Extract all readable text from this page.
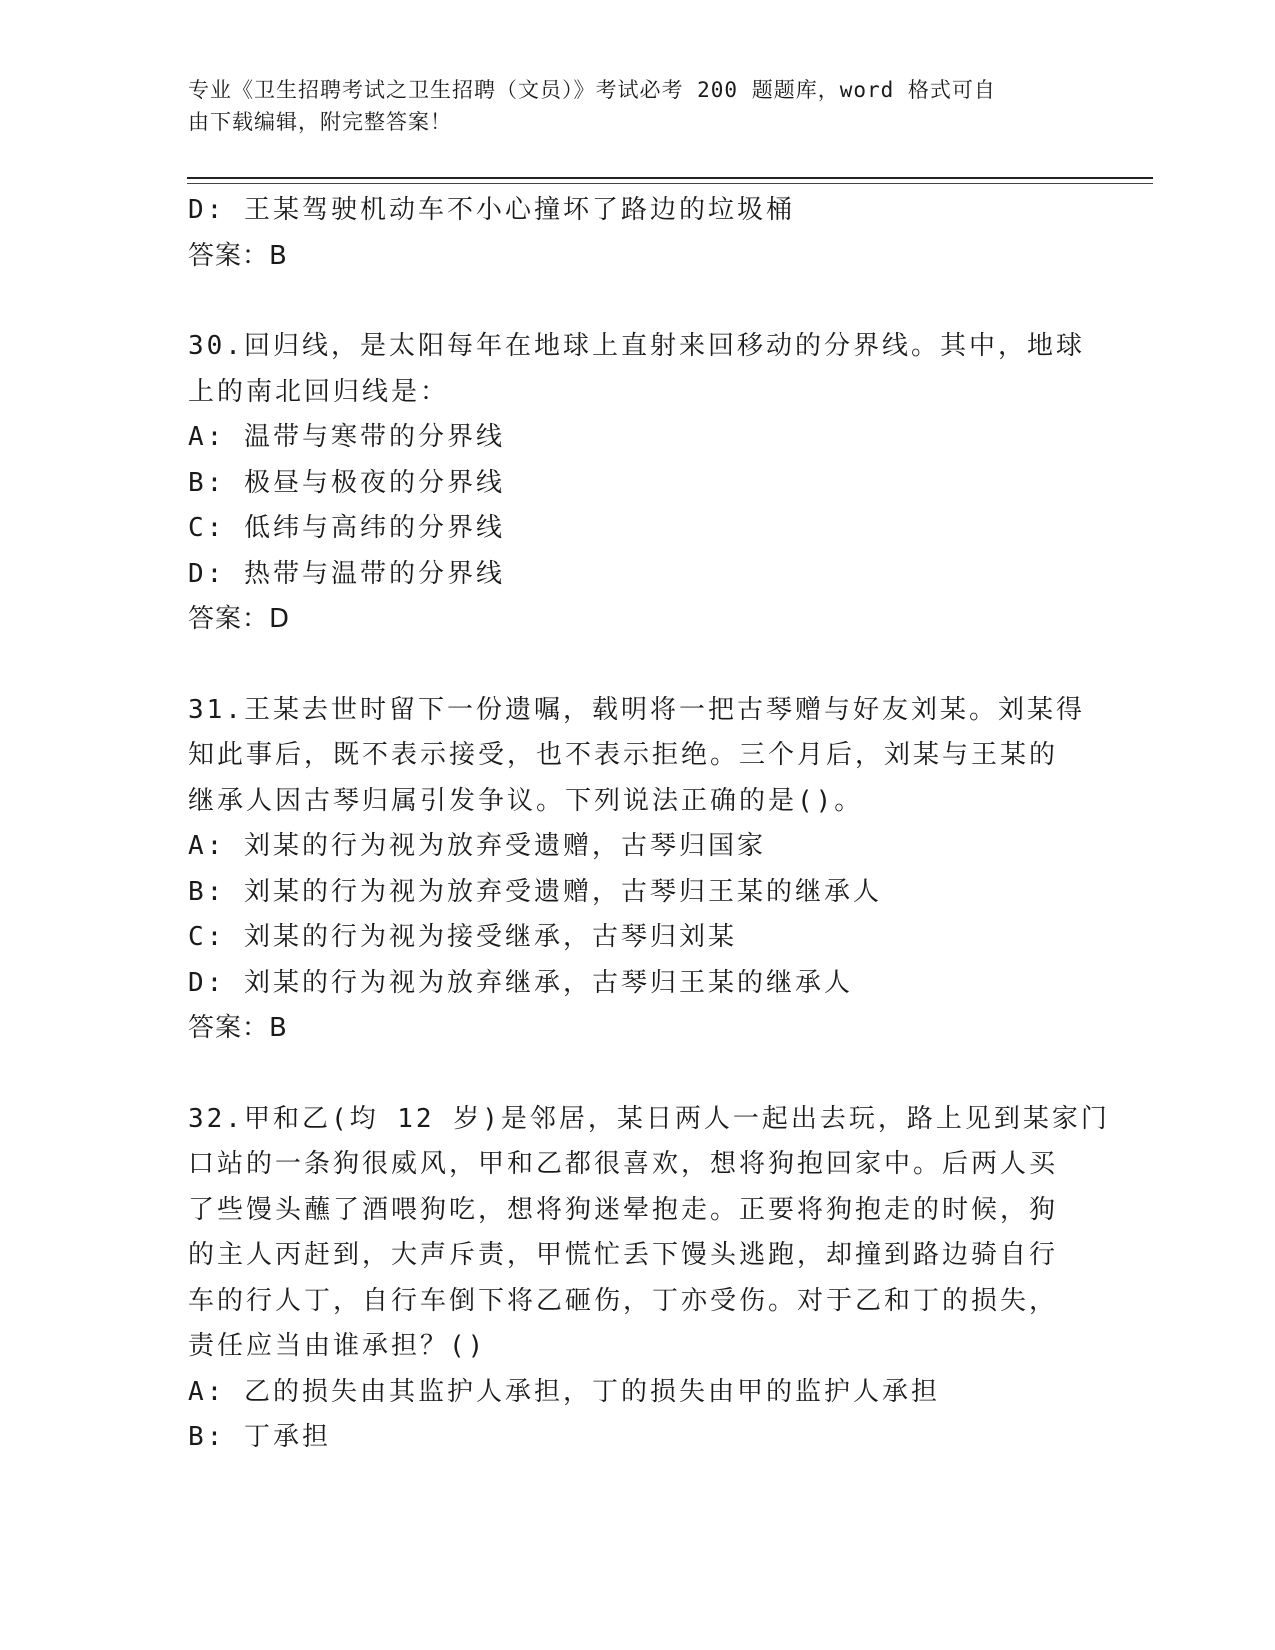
专业《卫生招聘考试之卫生招聘（文员）》考试必考 200 题题库，word 格式可自
由下载编辑，附完整答案！
D: 王某驾驶机动车不小心撞坏了路边的垃圾桶
答案：B
30.回归线，是太阳每年在地球上直射来回移动的分界线。其中，地球
上的南北回归线是：
A: 温带与寒带的分界线
B: 极昼与极夜的分界线
C: 低纬与高纬的分界线
D: 热带与温带的分界线
答案：D
31.王某去世时留下一份遗嘱，载明将一把古琴赠与好友刘某。刘某得
知此事后，既不表示接受，也不表示拒绝。三个月后，刘某与王某的
继承人因古琴归属引发争议。下列说法正确的是()。
A: 刘某的行为视为放弃受遗赠，古琴归国家
B: 刘某的行为视为放弃受遗赠，古琴归王某的继承人
C: 刘某的行为视为接受继承，古琴归刘某
D: 刘某的行为视为放弃继承，古琴归王某的继承人
答案：B
32.甲和乙(均 12 岁)是邻居，某日两人一起出去玩，路上见到某家门
口站的一条狗很威风，甲和乙都很喜欢，想将狗抱回家中。后两人买
了些馒头蘸了酒喂狗吃，想将狗迷晕抱走。正要将狗抱走的时候，狗
的主人丙赶到，大声斥责，甲慌忙丢下馒头逃跑，却撞到路边骑自行
车的行人丁，自行车倒下将乙砸伤，丁亦受伤。对于乙和丁的损失，
责任应当由谁承担？()
A: 乙的损失由其监护人承担，丁的损失由甲的监护人承担
B: 丁承担
